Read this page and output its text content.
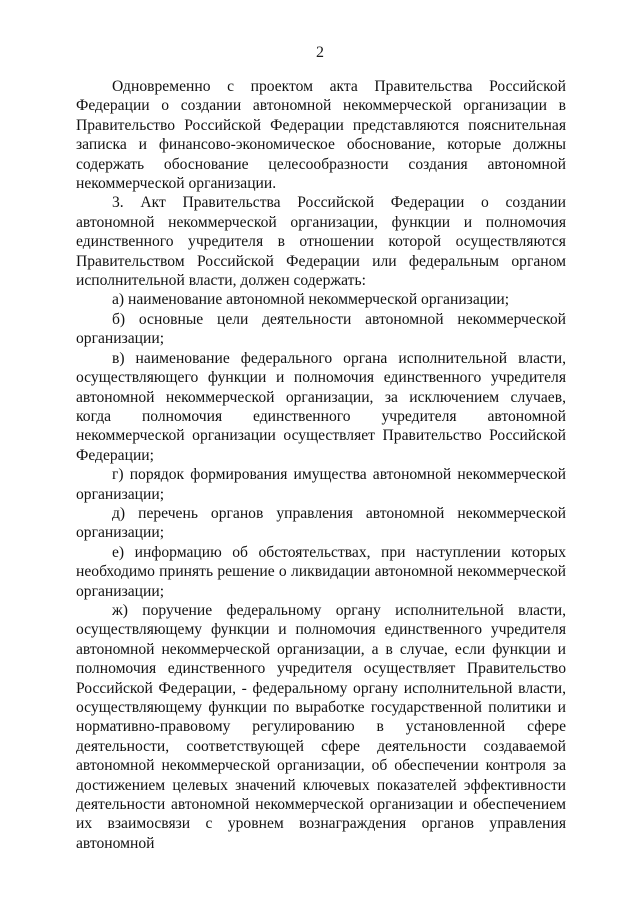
2

Одновременно с проектом акта Правительства Российской Федерации о создании автономной некоммерческой организации в Правительство Российской Федерации представляются пояснительная записка и финансово-экономическое обоснование, которые должны содержать обоснование целесообразности создания автономной некоммерческой организации.

3. Акт Правительства Российской Федерации о создании автономной некоммерческой организации, функции и полномочия единственного учредителя в отношении которой осуществляются Правительством Российской Федерации или федеральным органом исполнительной власти, должен содержать:

а) наименование автономной некоммерческой организации;

б) основные цели деятельности автономной некоммерческой организации;

в) наименование федерального органа исполнительной власти, осуществляющего функции и полномочия единственного учредителя автономной некоммерческой организации, за исключением случаев, когда полномочия единственного учредителя автономной некоммерческой организации осуществляет Правительство Российской Федерации;

г) порядок формирования имущества автономной некоммерческой организации;

д) перечень органов управления автономной некоммерческой организации;

е) информацию об обстоятельствах, при наступлении которых необходимо принять решение о ликвидации автономной некоммерческой организации;

ж) поручение федеральному органу исполнительной власти, осуществляющему функции и полномочия единственного учредителя автономной некоммерческой организации, а в случае, если функции и полномочия единственного учредителя осуществляет Правительство Российской Федерации, - федеральному органу исполнительной власти, осуществляющему функции по выработке государственной политики и нормативно-правовому регулированию в установленной сфере деятельности, соответствующей сфере деятельности создаваемой автономной некоммерческой организации, об обеспечении контроля за достижением целевых значений ключевых показателей эффективности деятельности автономной некоммерческой организации и обеспечением их взаимосвязи с уровнем вознаграждения органов управления автономной
